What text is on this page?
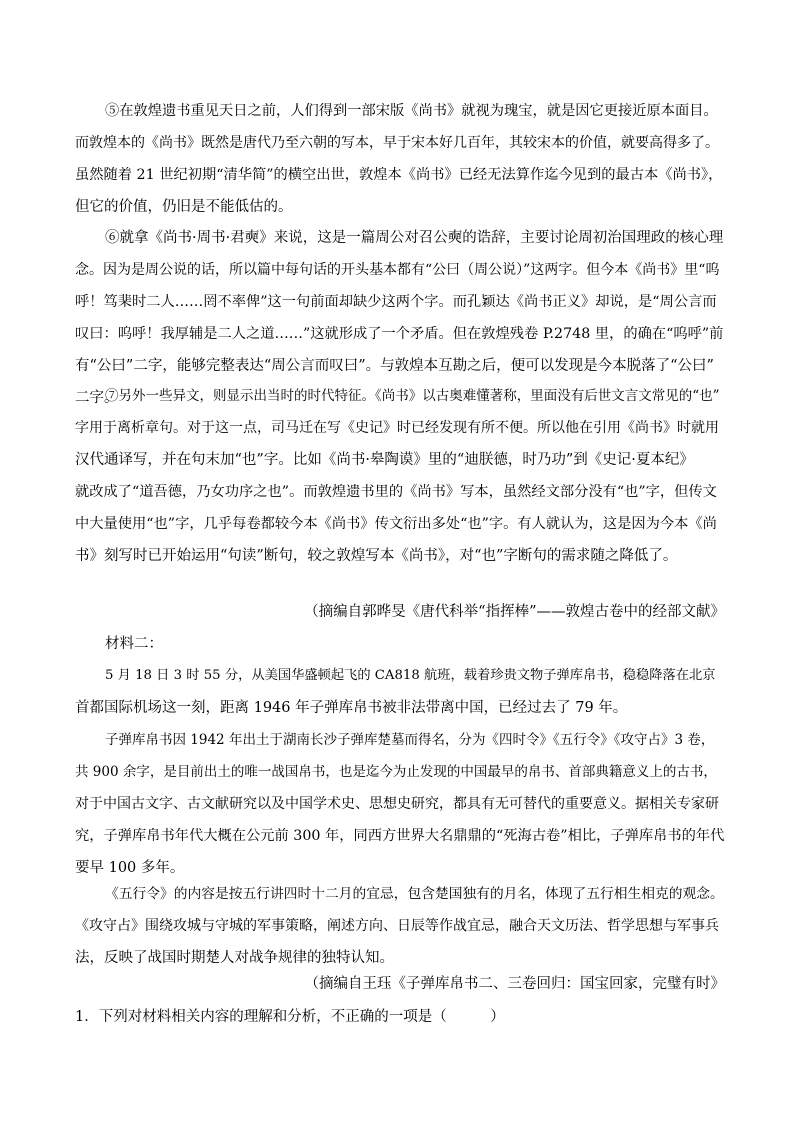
⑤在敦煌遗书重见天日之前，人们得到一部宋版《尚书》就视为瑰宝，就是因它更接近原本面目。

而敦煌本的《尚书》既然是唐代乃至六朝的写本，早于宋本好几百年，其较宋本的价值，就要高得多了。

虽然随着 21 世纪初期“清华简”的横空出世，敦煌本《尚书》已经无法算作迄今见到的最古本《尚书》，

但它的价值，仍旧是不能低估的。

⑥就拿《尚书·周书·君奭》来说，这是一篇周公对召公奭的诰辞，主要讨论周初治国理政的核心理

念。因为是周公说的话，所以篇中每句话的开头基本都有“公曰（周公说）”这两字。但今本《尚书》里“呜

呼！笃棐时二人……罔不率俾”这一句前面却缺少这两个字。而孔颖达《尚书正义》却说，是“周公言而

叹曰：呜呼！我厚辅是二人之道……”这就形成了一个矛盾。但在敦煌残卷 P.2748 里，的确在“呜呼”前

有“公曰”二字，能够完整表达“周公言而叹曰”。与敦煌本互勘之后，便可以发现是今本脱落了“公曰”

二字。

⑦另外一些异文，则显示出当时的时代特征。《尚书》以古奥难懂著称，里面没有后世文言文常见的“也”

字用于离析章句。对于这一点，司马迁在写《史记》时已经发现有所不便。所以他在引用《尚书》时就用

汉代通译写，并在句末加“也”字。比如《尚书·皋陶谟》里的“迪朕德，时乃功”到《史记·夏本纪》

就改成了“道吾德，乃女功序之也”。而敦煌遗书里的《尚书》写本，虽然经文部分没有“也”字，但传文

中大量使用“也”字，几乎每卷都较今本《尚书》传文衍出多处“也”字。有人就认为，这是因为今本《尚

书》刻写时已开始运用“句读”断句，较之敦煌写本《尚书》，对“也”字断句的需求随之降低了。

（摘编自郭晔旻《唐代科举“指挥棒”——敦煌古卷中的经部文献》
材料二：

5 月 18 日 3 时 55 分，从美国华盛顿起飞的 CA818 航班，载着珍贵文物子弹库帛书，稳稳降落在北京

首都国际机场这一刻，距离 1946 年子弹库帛书被非法带离中国，已经过去了 79 年。

子弹库帛书因 1942 年出土于湖南长沙子弹库楚墓而得名，分为《四时令》《五行令》《攻守占》3 卷，

共 900 余字，是目前出土的唯一战国帛书，也是迄今为止发现的中国最早的帛书、首部典籍意义上的古书，

对于中国古文字、古文献研究以及中国学术史、思想史研究，都具有无可替代的重要意义。据相关专家研

究，子弹库帛书年代大概在公元前 300 年，同西方世界大名鼎鼎的“死海古卷”相比，子弹库帛书的年代

要早 100 多年。

《五行令》的内容是按五行讲四时十二月的宜忌，包含楚国独有的月名，体现了五行相生相克的观念。

《攻守占》围绕攻城与守城的军事策略，阐述方向、日辰等作战宜忌，融合天文历法、哲学思想与军事兵

法，反映了战国时期楚人对战争规律的独特认知。

（摘编自王珏《子弹库帛书二、三卷回归：国宝回家，完璧有时》
1．下列对材料相关内容的理解和分析，不正确的一项是（　　　）
